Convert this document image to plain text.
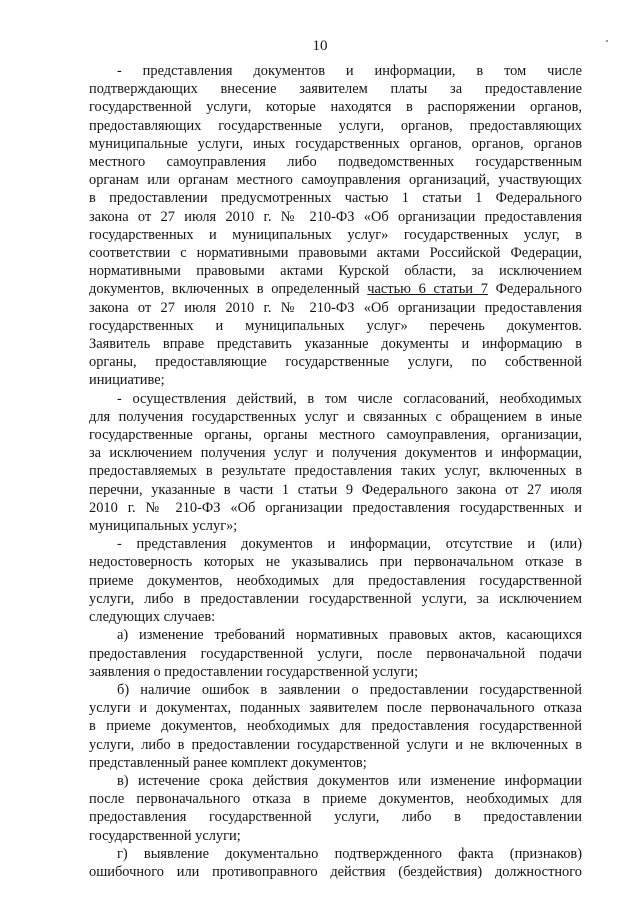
10
- представления документов и информации, в том числе
подтверждающих внесение заявителем платы за предоставление
государственной услуги, которые находятся в распоряжении органов,
предоставляющих государственные услуги, органов, предоставляющих
муниципальные услуги, иных государственных органов, органов, органов
местного самоуправления либо подведомственных государственным
органам или органам местного самоуправления организаций, участвующих
в предоставлении предусмотренных частью 1 статьи 1 Федерального
закона от 27 июля 2010 г. № 210-ФЗ «Об организации предоставления
государственных и муниципальных услуг» государственных услуг, в
соответствии с нормативными правовыми актами Российской Федерации,
нормативными правовыми актами Курской области, за исключением
документов, включенных в определенный частью 6 статьи 7 Федерального
закона от 27 июля 2010 г. № 210-ФЗ «Об организации предоставления
государственных и муниципальных услуг» перечень документов.
Заявитель вправе представить указанные документы и информацию в
органы, предоставляющие государственные услуги, по собственной
инициативе;
- осуществления действий, в том числе согласований, необходимых
для получения государственных услуг и связанных с обращением в иные
государственные органы, органы местного самоуправления, организации,
за исключением получения услуг и получения документов и информации,
предоставляемых в результате предоставления таких услуг, включенных в
перечни, указанные в части 1 статьи 9 Федерального закона от 27 июля
2010 г. № 210-ФЗ «Об организации предоставления государственных и
муниципальных услуг»;
- представления документов и информации, отсутствие и (или)
недостоверность которых не указывались при первоначальном отказе в
приеме документов, необходимых для предоставления государственной
услуги, либо в предоставлении государственной услуги, за исключением
следующих случаев:
а) изменение требований нормативных правовых актов, касающихся
предоставления государственной услуги, после первоначальной подачи
заявления о предоставлении государственной услуги;
б) наличие ошибок в заявлении о предоставлении государственной
услуги и документах, поданных заявителем после первоначального отказа
в приеме документов, необходимых для предоставления государственной
услуги, либо в предоставлении государственной услуги и не включенных в
представленный ранее комплект документов;
в) истечение срока действия документов или изменение информации
после первоначального отказа в приеме документов, необходимых для
предоставления государственной услуги, либо в предоставлении
государственной услуги;
г) выявление документально подтвержденного факта (признаков)
ошибочного или противоправного действия (бездействия) должностного
